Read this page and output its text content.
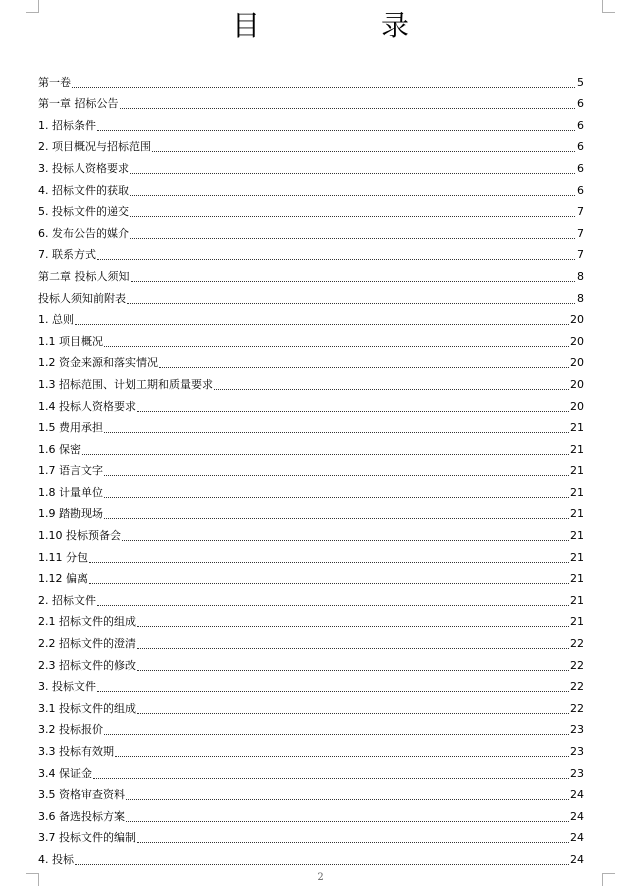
目 录
第一卷	5
第一章 招标公告	6
1. 招标条件	6
2. 项目概况与招标范围	6
3. 投标人资格要求	6
4. 招标文件的获取	6
5. 投标文件的递交	7
6. 发布公告的媒介	7
7. 联系方式	7
第二章 投标人须知	8
投标人须知前附表	8
1. 总则	20
1.1 项目概况	20
1.2 资金来源和落实情况	20
1.3 招标范围、计划工期和质量要求	20
1.4 投标人资格要求	20
1.5 费用承担	21
1.6 保密	21
1.7 语言文字	21
1.8 计量单位	21
1.9 踏勘现场	21
1.10 投标预备会	21
1.11 分包	21
1.12 偏离	21
2. 招标文件	21
2.1 招标文件的组成	21
2.2 招标文件的澄清	22
2.3 招标文件的修改	22
3. 投标文件	22
3.1 投标文件的组成	22
3.2 投标报价	23
3.3 投标有效期	23
3.4 保证金	23
3.5 资格审查资料	24
3.6 备选投标方案	24
3.7 投标文件的编制	24
4. 投标	24
2
